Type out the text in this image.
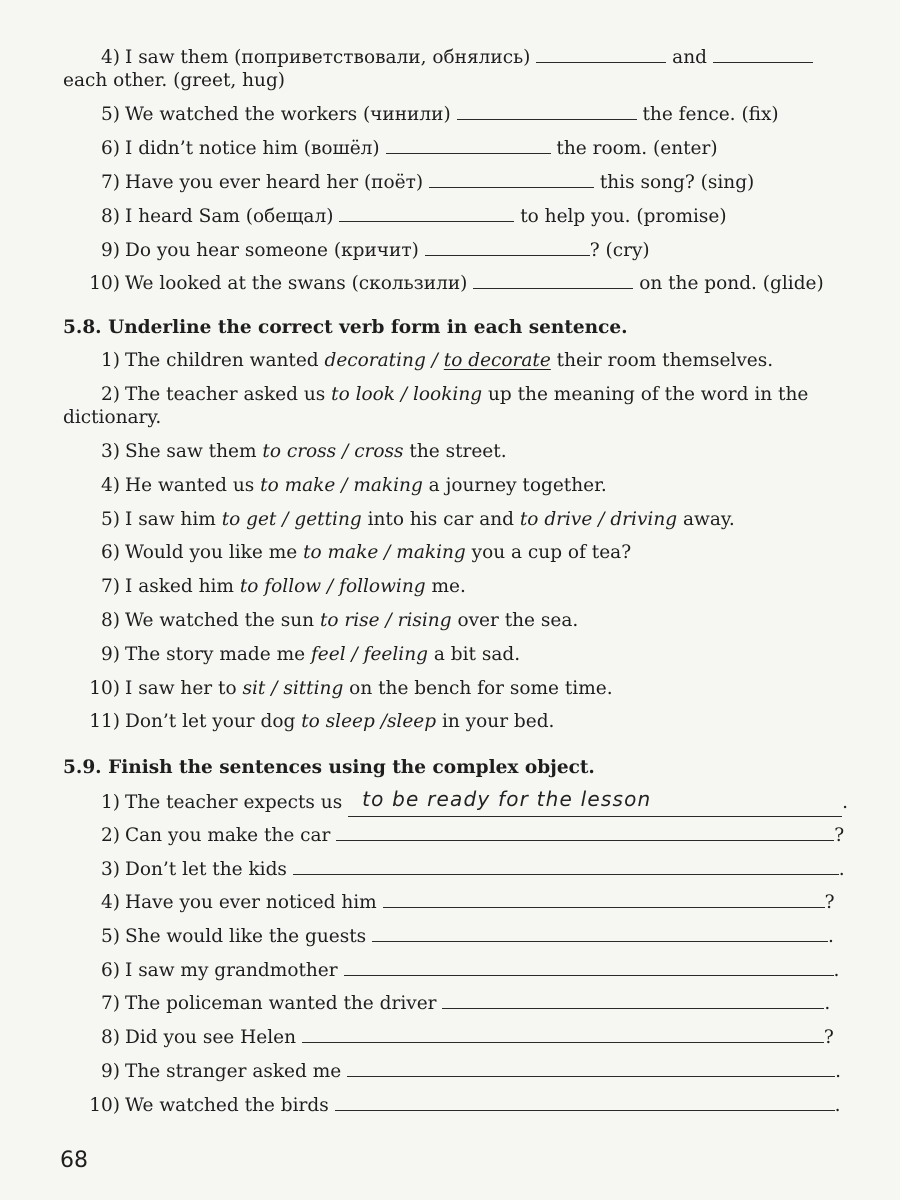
4) I saw them (поприветствовали, обнялись)	and
each other. (greet, hug)
5) We watched the workers (чинили)	the fence. (fix)
6) I didn’t notice him (вошёл)	the room. (enter)
7) Have you ever heard her (поёт)	this song? (sing)
8) I heard Sam (обещал)	to help you. (promise)
9) Do you hear someone (кричит)	? (cry)
10) We looked at the swans (скользили)	on the pond. (glide)
5.8. Underline the correct verb form in each sentence.
1) The children wanted decorating / to decorate their room themselves.
2) The teacher asked us to look / looking up the meaning of the word in the
dictionary.
3) She saw them to cross / cross the street.
4) He wanted us to make / making a journey together.
5) I saw him to get / getting into his car and to drive / driving away.
6) Would you like me to make / making you a cup of tea?
7) I asked him to follow / following me.
8) We watched the sun to rise / rising over the sea.
9) The story made me feel / feeling a bit sad.
10) I saw her to sit / sitting on the bench for some time.
11) Don’t let your dog to sleep /sleep in your bed.
5.9. Finish the sentences using the complex object.
1) The teacher expects us to be ready for the lesson	.
2) Can you make the car	?
3) Don’t let the kids	.
4) Have you ever noticed him	?
5) She would like the guests	.
6) I saw my grandmother	.
7) The policeman wanted the driver	.
8) Did you see Helen	?
9) The stranger asked me	.
10) We watched the birds	.
68
